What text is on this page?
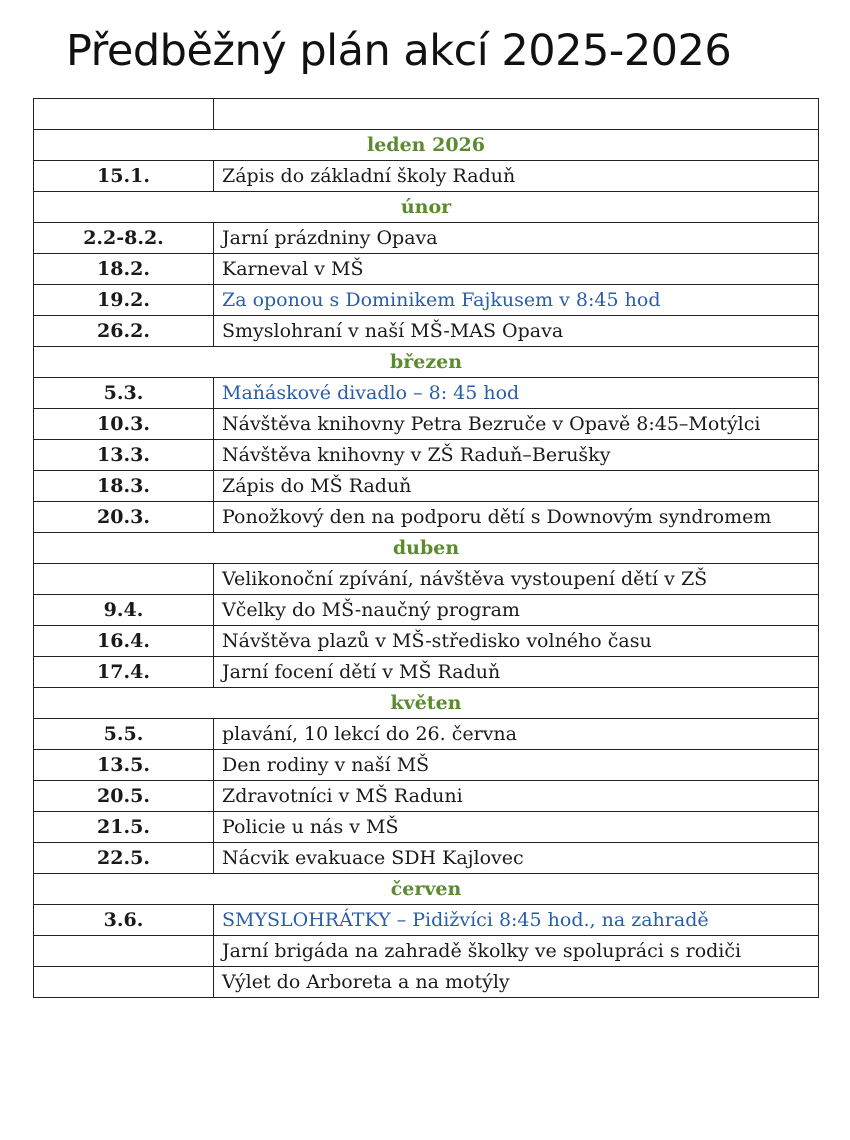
Předběžný plán akcí 2025-2026

leden 2026	
15.1.	Zápis do základní školy Raduň
únor	
2.2-8.2.	Jarní prázdniny Opava
18.2.	Karneval v MŠ
19.2.	Za oponou s Dominikem Fajkusem v 8:45 hod
26.2.	Smyslohraní v naší MŠ-MAS Opava
březen	
5.3.	Maňáskové divadlo – 8: 45 hod
10.3.	Návštěva knihovny Petra Bezruče v Opavě 8:45–Motýlci
13.3.	Návštěva knihovny v ZŠ Raduň–Berušky
18.3.	Zápis do MŠ Raduň
20.3.	Ponožkový den na podporu dětí s Downovým syndromem
duben	
	Velikonoční zpívání, návštěva vystoupení dětí v ZŠ
9.4.	Včelky do MŠ-naučný program
16.4.	Návštěva plazů v MŠ-středisko volného času
17.4.	Jarní focení dětí v MŠ Raduň
květen	
5.5.	plavání, 10 lekcí do 26. června
13.5.	Den rodiny v naší MŠ
20.5.	Zdravotníci v MŠ Raduni
21.5.	Policie u nás v MŠ
22.5.	Nácvik evakuace SDH Kajlovec
červen	
3.6.	SMYSLOHRÁTKY – Pidižvíci 8:45 hod., na zahradě
	Jarní brigáda na zahradě školky ve spolupráci s rodiči
	Výlet do Arboreta a na motýly
